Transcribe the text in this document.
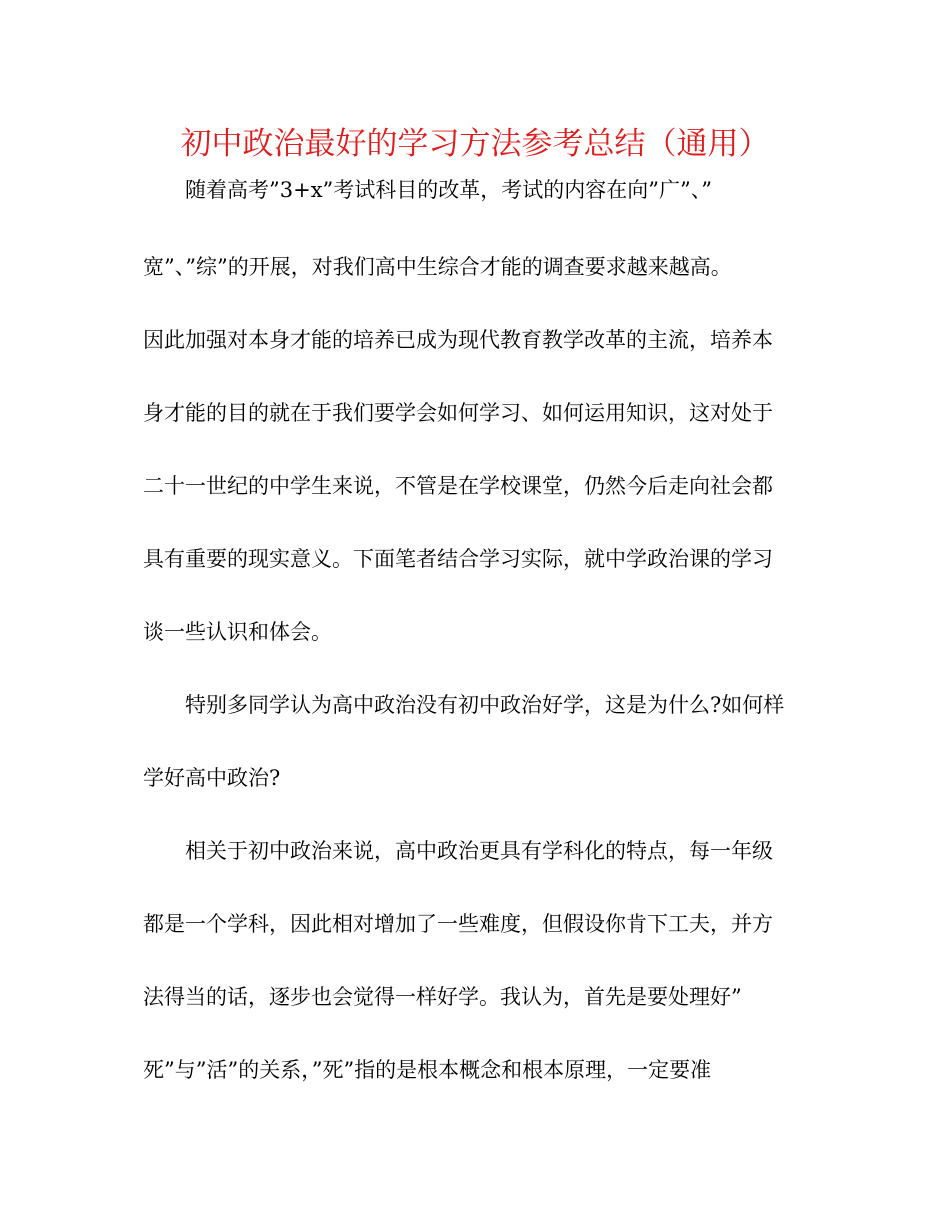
初中政治最好的学习方法参考总结（通用）
随着高考”3+x”考试科目的改革，考试的内容在向”广”、”
宽”、”综”的开展，对我们高中生综合才能的调查要求越来越高。
因此加强对本身才能的培养已成为现代教育教学改革的主流，培养本
身才能的目的就在于我们要学会如何学习、如何运用知识，这对处于
二十一世纪的中学生来说，不管是在学校课堂，仍然今后走向社会都
具有重要的现实意义。下面笔者结合学习实际，就中学政治课的学习
谈一些认识和体会。
特别多同学认为高中政治没有初中政治好学，这是为什么?如何样
学好高中政治?
相关于初中政治来说，高中政治更具有学科化的特点，每一年级
都是一个学科，因此相对增加了一些难度，但假设你肯下工夫，并方
法得当的话，逐步也会觉得一样好学。我认为，首先是要处理好”
死”与”活”的关系，”死”指的是根本概念和根本原理，一定要准
